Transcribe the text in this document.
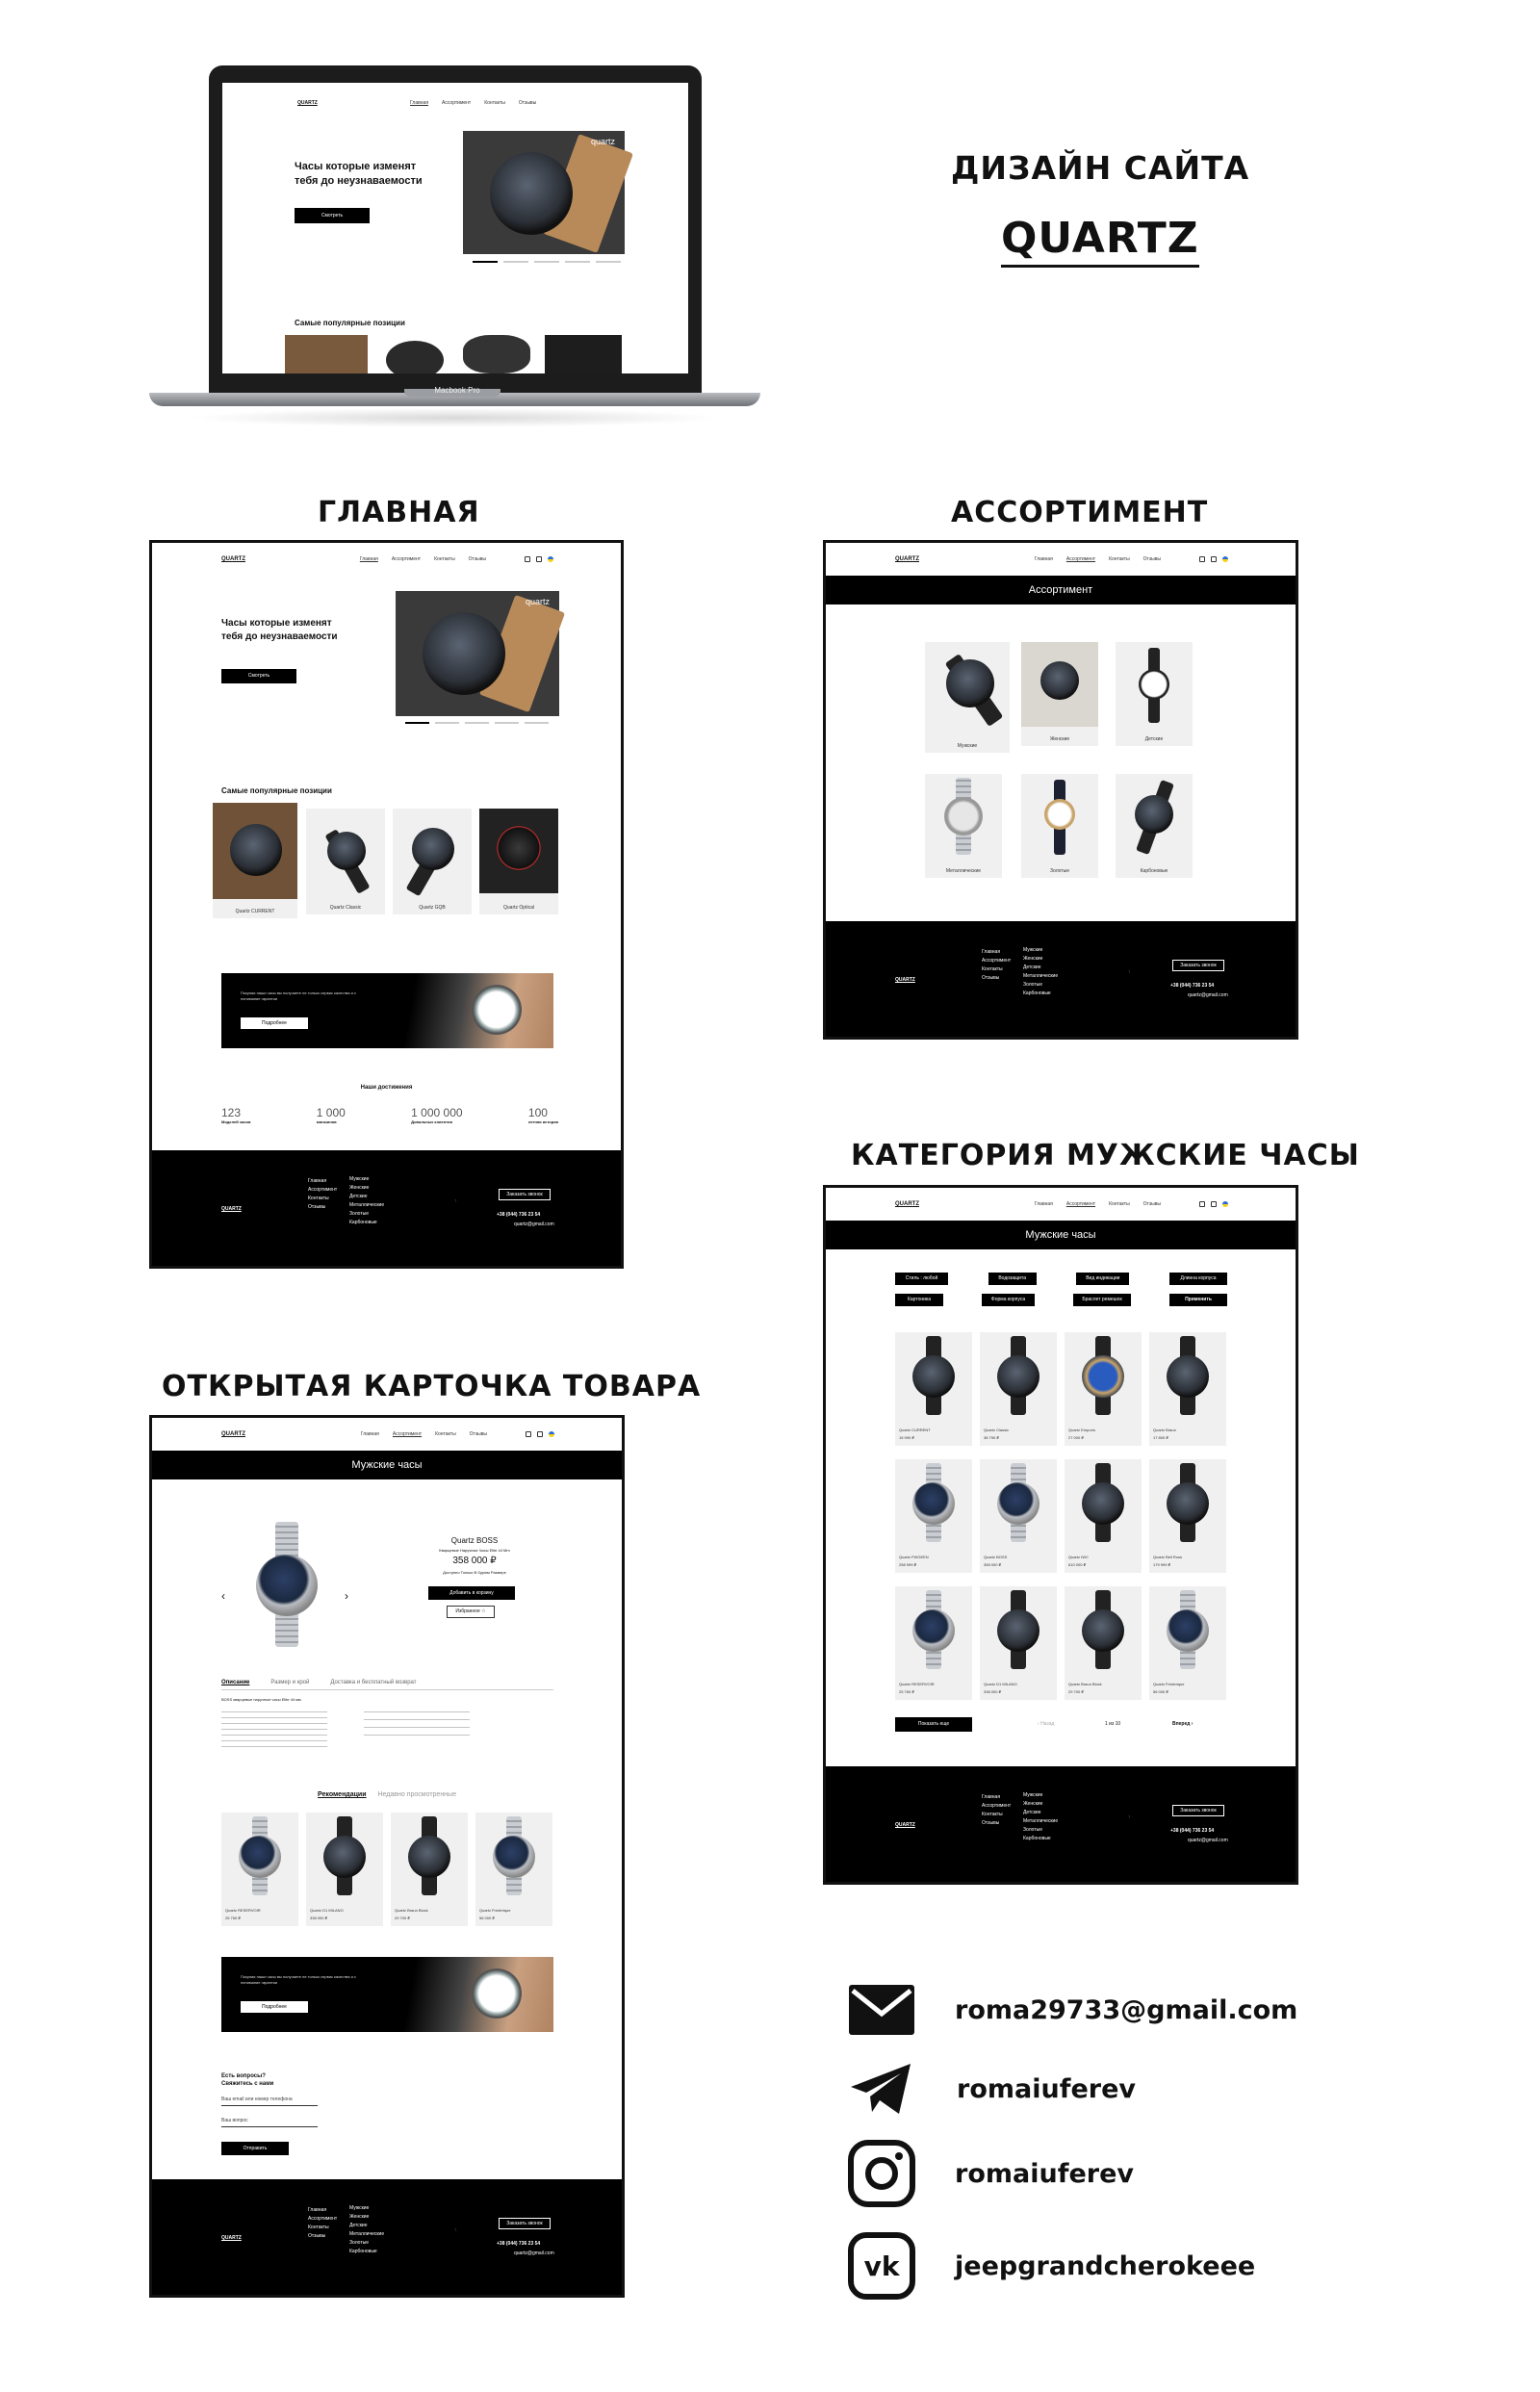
QUARTZ	Главная	Ассортимент	Контакты	Отзывы
Часы которые изменят тебя до неузнаваемости
Смотреть
quartz
Самые популярные позиции
Macbook Pro
ДИЗАЙН САЙТА
QUARTZ
ГЛАВНАЯ	АССОРТИМЕНТ
КАТЕГОРИЯ МУЖСКИЕ ЧАСЫ
ОТКРЫТАЯ КАРТОЧКА ТОВАРА
QUARTZ	Главная	Ассортимент	Контакты	Отзывы
Часы которые изменят тебя до неузнаваемости
Смотреть
quartz
Самые популярные позиции
Quartz CURRENT
Quartz Classic	Quartz GQB	Quartz Optical
Покупая наши часы вы получаете не только сервис качества и с понимание гарантии
Подробнее
Наши достижения
123
Моделей часов
1 000
магазинов
1 000 000
Довольных клиентов
100
летняя история
QUARTZ
Главная
Ассортимент
Контакты
Отзывы
Мужские
Женские
Детские
Металлические
Золотые
Карбоновые
↑
Заказать звонок
+38 (044) 736 23 54
quartz@gmail.com
QUARTZ	Главная	Ассортимент	Контакты	Отзывы
Ассортимент
Мужские
Женские	Детские
Металлические	Золотые	Карбоновые
QUARTZ
Главная
Ассортимент
Контакты
Отзывы
Мужские
Женские
Детские
Металлические
Золотые
Карбоновые
↑
Заказать звонок
+38 (044) 736 23 54
quartz@gmail.com
QUARTZ	Главная	Ассортимент	Контакты	Отзывы
Мужские часы
Стиль : любой	Водозащита	Вид индикации	Длинна корпуса
Картоника	Форма корпуса	Браслет ремешок	Применить
Quartz CURRENT
15 990 ₽
Quartz Classic
38 790 ₽
Quartz Emporio
27 000 ₽
Quartz Braun
17 800 ₽
Quartz FWGEEN
258 999 ₽
Quartz BOSS
358 000 ₽
Quartz IWC
610 000 ₽
Quartz Bell Ross
179 999 ₽
Quartz RESERVOIR
25 760 ₽
Quartz D1 MILANO
338 000 ₽
Quartz Braun Block
29 700 ₽
Quartz Frederique
56 000 ₽
Показать еще	‹ Назад	1 из 10	Вперед ›
QUARTZ
Главная
Ассортимент
Контакты
Отзывы
Мужские
Женские
Детские
Металлические
Золотые
Карбоновые
↑
Заказать звонок
+38 (044) 736 23 54
quartz@gmail.com
QUARTZ	Главная	Ассортимент	Контакты	Отзывы
Мужские часы
‹	›
Quartz BOSS
Кварцевые Наручные Часы Elite 44 Mm
358 000 ₽
Доступно Только В Одном Размере
Добавить в корзину
Избранное ☆
Описание	Размер и крой	Доставка и бесплатный возврат
BOSS кварцевые наручные часы Elite 44 мм
Рекомендации Недавно просмотренные
Quartz RESERVOIR
25 760 ₽
Quartz D1 MILANO
338 000 ₽
Quartz Braun Block
29 700 ₽
Quartz Frederique
56 000 ₽
Покупая наши часы вы получаете не только сервис качества и с понимание гарантии
Подробнее
Есть вопросы? Свяжитесь с нами
Ваш email или номер телефона
Ваш вопрос
Отправить
QUARTZ
Главная
Ассортимент
Контакты
Отзывы
Мужские
Женские
Детские
Металлические
Золотые
Карбоновые
↑
Заказать звонок
+38 (044) 736 23 54
quartz@gmail.com
roma29733@gmail.com
romaiuferev
romaiuferev
vk jeepgrandcherokeee
